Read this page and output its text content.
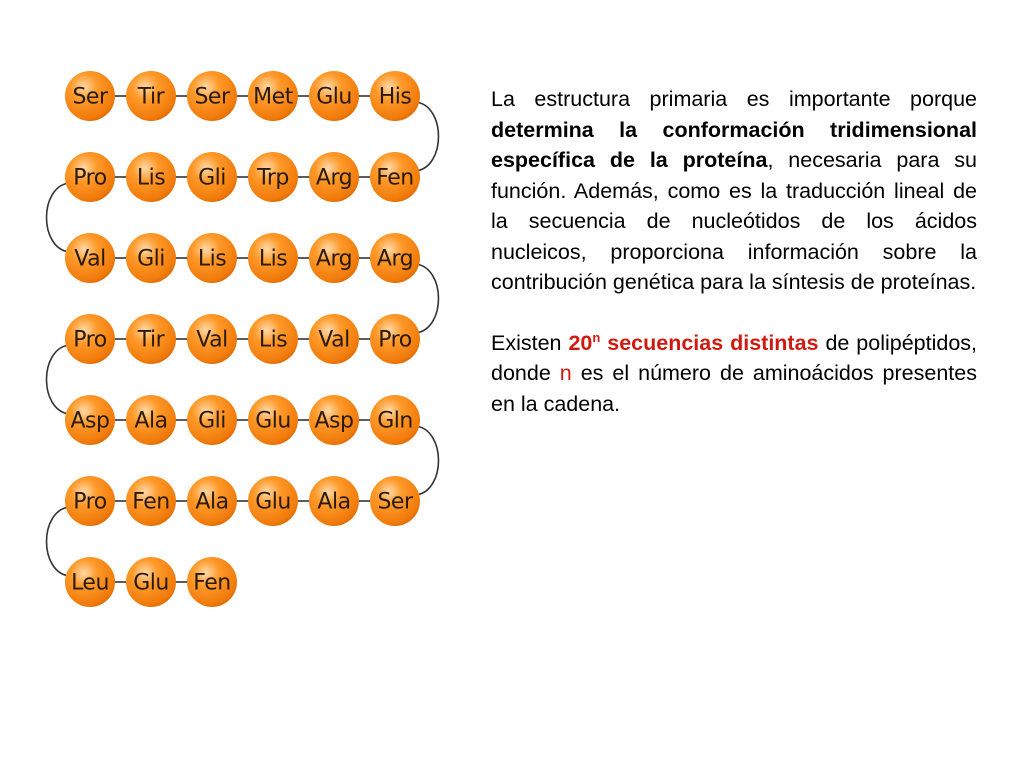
Ser Tir Ser Met Glu His
Pro Lis Gli Trp Arg Fen
Val Gli Lis Lis Arg Arg
Pro Tir Val Lis Val Pro
Asp Ala Gli Glu Asp Gln
Pro Fen Ala Glu Ala Ser
Leu Glu Fen

La estructura primaria es importante porque determina la conformación tridimensional específica de la proteína, necesaria para su función. Además, como es la traducción lineal de la secuencia de nucleótidos de los ácidos nucleicos, proporciona información sobre la contribución genética para la síntesis de proteínas.

Existen 20$^n$ secuencias distintas de polipéptidos, donde n es el número de aminoácidos presentes en la cadena.
